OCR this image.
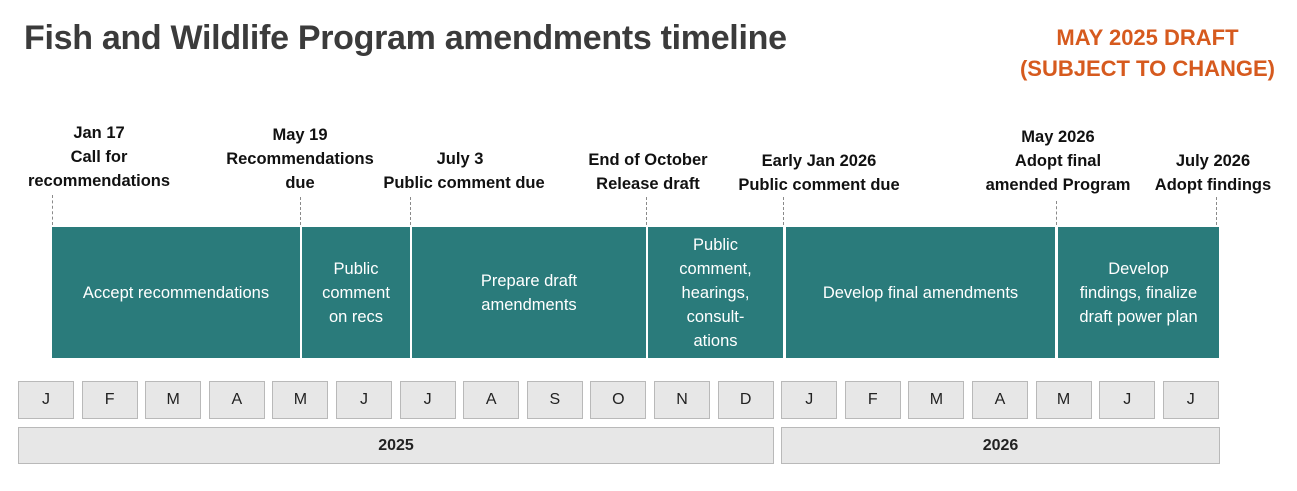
Fish and Wildlife Program amendments timeline	MAY 2025 DRAFT
(SUBJECT TO CHANGE)
Jan 17
Call for
recommendations
May 19
Recommendations
due
July 3
Public comment due
End of October
Release draft
Early Jan 2026
Public comment due
May 2026
Adopt final
amended Program
July 2026
Adopt findings
Accept recommendations
Public
comment
on recs
Prepare draft
amendments
Public
comment,
hearings,
consult-
ations
Develop final amendments
Develop
findings, finalize
draft power plan
J	F	M	A	M	J	J	A	S	O	N	D	J	F	M	A	M	J	J
2025	2026
